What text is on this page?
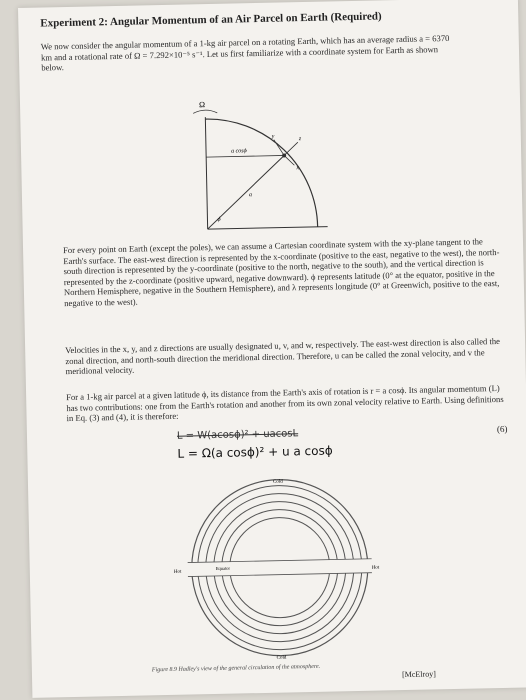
Experiment 2: Angular Momentum of an Air Parcel on Earth (Required)
We now consider the angular momentum of a 1-kg air parcel on a rotating Earth, which has an average radius a = 6370 km and a rotational rate of Ω = 7.292×10⁻⁵ s⁻¹. Let us first familiarize with a coordinate system for Earth as shown below.
Ω
a cosϕ
a
ϕ
x
y	z
For every point on Earth (except the poles), we can assume a Cartesian coordinate system with the xy-plane tangent to the Earth's surface. The east-west direction is represented by the x-coordinate (positive to the east, negative to the west), the north-south direction is represented by the y-coordinate (positive to the north, negative to the south), and the vertical direction is represented by the z-coordinate (positive upward, negative downward). ϕ represents latitude (0° at the equator, positive in the Northern Hemisphere, negative in the Southern Hemisphere), and λ represents longitude (0° at Greenwich, positive to the east, negative to the west).
Velocities in the x, y, and z directions are usually designated u, v, and w, respectively. The east-west direction is also called the zonal direction, and north-south direction the meridional direction. Therefore, u can be called the zonal velocity, and v the meridional velocity.
For a 1-kg air parcel at a given latitude ϕ, its distance from the Earth's axis of rotation is r = a cosϕ. Its angular momentum (L) has two contributions: one from the Earth's rotation and another from its own zonal velocity relative to Earth. Using definitions in Eq. (3) and (4), it is therefore:
L = W(acosϕ)² + uacosL
L = Ω(a cosϕ)² + u a cosϕ
(6)
Cold
Cold
Hot
Hot
Equator
Figure 8.9 Hadley's view of the general circulation of the atmosphere.
[McElroy]
